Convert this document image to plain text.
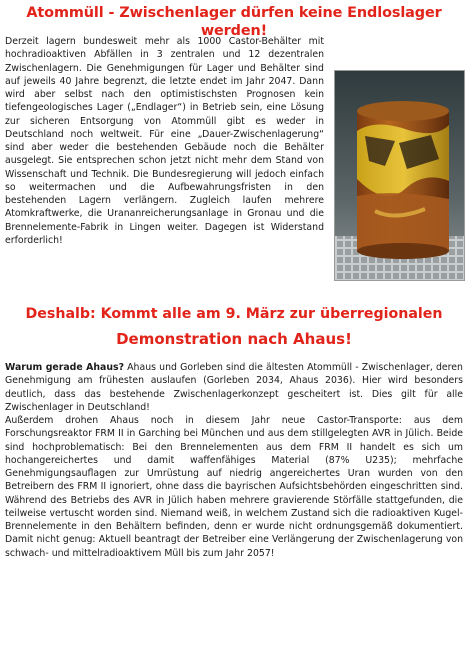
Atommüll - Zwischenlager dürfen keine Endloslager werden!

Derzeit lagern bundesweit mehr als 1000 Castor-Behälter mit hochradioaktiven Abfällen in 3 zentralen und 12 dezentralen Zwischenlagern. Die Genehmigungen für Lager und Behälter sind auf jeweils 40 Jahre begrenzt, die letzte endet im Jahr 2047. Dann wird aber selbst nach den optimistischsten Prognosen kein tiefengeologisches Lager („Endlager“) in Betrieb sein, eine Lösung zur sicheren Entsorgung von Atommüll gibt es weder in Deutschland noch weltweit. Für eine „Dauer-Zwischenlagerung“ sind aber weder die bestehenden Gebäude noch die Behälter ausgelegt. Sie entsprechen schon jetzt nicht mehr dem Stand von Wissenschaft und Technik. Die Bundesregierung will jedoch einfach so weitermachen und die Aufbewahrungsfristen in den bestehenden Lagern verlängern. Zugleich laufen mehrere Atomkraftwerke, die Urananreicherungsanlage in Gronau und die Brennelemente-Fabrik in Lingen weiter. Dagegen ist Widerstand erforderlich!

Deshalb: Kommt alle am 9. März zur überregionalen
Demonstration nach Ahaus!

Warum gerade Ahaus? Ahaus und Gorleben sind die ältesten Atommüll - Zwischenlager, deren Genehmigung am frühesten auslaufen (Gorleben 2034, Ahaus 2036). Hier wird besonders deutlich, dass das bestehende Zwischenlagerkonzept gescheitert ist. Dies gilt für alle Zwischenlager in Deutschland!

Außerdem drohen Ahaus noch in diesem Jahr neue Castor-Transporte: aus dem Forschungsreaktor FRM II in Garching bei München und aus dem stillgelegten AVR in Jülich. Beide sind hochproblematisch: Bei den Brennelementen aus dem FRM II handelt es sich um hochangereichertes und damit waffenfähiges Material (87% U235); mehrfache Genehmigungsauflagen zur Umrüstung auf niedrig angereichertes Uran wurden von den Betreibern des FRM II ignoriert, ohne dass die bayrischen Aufsichtsbehörden eingeschritten sind. Während des Betriebs des AVR in Jülich haben mehrere gravierende Störfälle stattgefunden, die teilweise vertuscht worden sind. Niemand weiß, in welchem Zustand sich die radioaktiven Kugel-Brennelemente in den Behältern befinden, denn er wurde nicht ordnungsgemäß dokumentiert. Damit nicht genug: Aktuell beantragt der Betreiber eine Verlängerung der Zwischenlagerung von schwach- und mittelradioaktivem Müll bis zum Jahr 2057!
